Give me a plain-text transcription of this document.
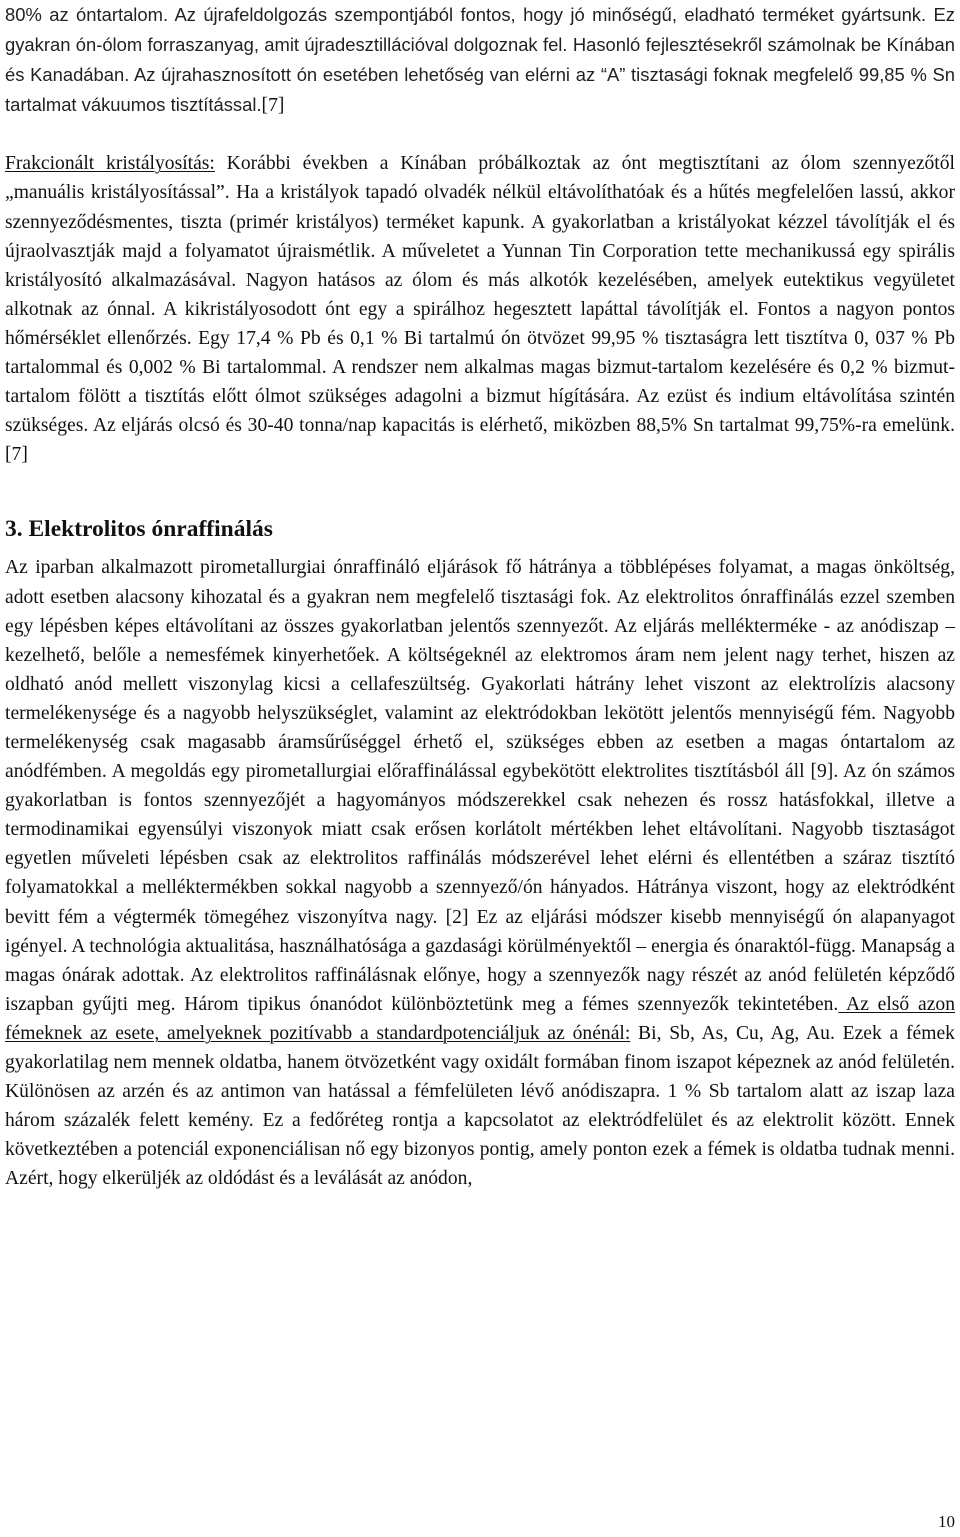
80% az óntartalom. Az újrafeldolgozás szempontjából fontos, hogy jó minőségű, eladható terméket gyártsunk. Ez gyakran ón-ólom forraszanyag, amit újradesztillációval dolgoznak fel. Hasonló fejlesztésekről számolnak be Kínában és Kanadában. Az újrahasznosított ón esetében lehetőség van elérni az “A” tisztasági foknak megfelelő 99,85 % Sn tartalmat vákuumos tisztítással.[7]

Frakcionált kristályosítás: Korábbi években a Kínában próbálkoztak az ónt megtisztítani az ólom szennyezőtől „manuális kristályosítással”. Ha a kristályok tapadó olvadék nélkül eltávolíthatóak és a hűtés megfelelően lassú, akkor szennyeződésmentes, tiszta (primér kristályos) terméket kapunk. A gyakorlatban a kristályokat kézzel távolítják el és újraolvasztják majd a folyamatot újraismétlik. A műveletet a Yunnan Tin Corporation tette mechanikussá egy spirális kristályosító alkalmazásával. Nagyon hatásos az ólom és más alkotók kezelésében, amelyek eutektikus vegyületet alkotnak az ónnal. A kikristályosodott ónt egy a spirálhoz hegesztett lapáttal távolítják el. Fontos a nagyon pontos hőmérséklet ellenőrzés. Egy 17,4 % Pb és 0,1 % Bi tartalmú ón ötvözet 99,95 % tisztaságra lett tisztítva 0, 037 % Pb tartalommal és 0,002 % Bi tartalommal. A rendszer nem alkalmas magas bizmut-tartalom kezelésére és 0,2 % bizmut-tartalom fölött a tisztítás előtt ólmot szükséges adagolni a bizmut hígítására. Az ezüst és indium eltávolítása szintén szükséges. Az eljárás olcsó és 30-40 tonna/nap kapacitás is elérhető, miközben 88,5% Sn tartalmat 99,75%-ra emelünk.[7]

3. Elektrolitos ónraffinálás

Az iparban alkalmazott pirometallurgiai ónraffináló eljárások fő hátránya a többlépéses folyamat, a magas önköltség, adott esetben alacsony kihozatal és a gyakran nem megfelelő tisztasági fok. Az elektrolitos ónraffinálás ezzel szemben egy lépésben képes eltávolítani az összes gyakorlatban jelentős szennyezőt. Az eljárás mellékterméke - az anódiszap – kezelhető, belőle a nemesfémek kinyerhetőek. A költségeknél az elektromos áram nem jelent nagy terhet, hiszen az oldható anód mellett viszonylag kicsi a cellafeszültség. Gyakorlati hátrány lehet viszont az elektrolízis alacsony termelékenysége és a nagyobb helyszükséglet, valamint az elektródokban lekötött jelentős mennyiségű fém. Nagyobb termelékenység csak magasabb áramsűrűséggel érhető el, szükséges ebben az esetben a magas óntartalom az anódfémben. A megoldás egy pirometallurgiai előraffinálással egybekötött elektrolites tisztításból áll [9]. Az ón számos gyakorlatban is fontos szennyezőjét a hagyományos módszerekkel csak nehezen és rossz hatásfokkal, illetve a termodinamikai egyensúlyi viszonyok miatt csak erősen korlátolt mértékben lehet eltávolítani. Nagyobb tisztaságot egyetlen műveleti lépésben csak az elektrolitos raffinálás módszerével lehet elérni és ellentétben a száraz tisztító folyamatokkal a melléktermékben sokkal nagyobb a szennyező/ón hányados. Hátránya viszont, hogy az elektródként bevitt fém a végtermék tömegéhez viszonyítva nagy. [2] Ez az eljárási módszer kisebb mennyiségű ón alapanyagot igényel. A technológia aktualitása, használhatósága a gazdasági körülményektől – energia és ónaraktól-függ. Manapság a magas ónárak adottak. Az elektrolitos raffinálásnak előnye, hogy a szennyezők nagy részét az anód felületén képződő iszapban gyűjti meg. Három tipikus ónanódot különböztetünk meg a fémes szennyezők tekintetében. Az első azon fémeknek az esete, amelyeknek pozitívabb a standardpotenciáljuk az ónénál: Bi, Sb, As, Cu, Ag, Au. Ezek a fémek gyakorlatilag nem mennek oldatba, hanem ötvözetként vagy oxidált formában finom iszapot képeznek az anód felületén. Különösen az arzén és az antimon van hatással a fémfelületen lévő anódiszapra. 1 % Sb tartalom alatt az iszap laza három százalék felett kemény. Ez a fedőréteg rontja a kapcsolatot az elektródfelület és az elektrolit között. Ennek következtében a potenciál exponenciálisan nő egy bizonyos pontig, amely ponton ezek a fémek is oldatba tudnak menni. Azért, hogy elkerüljék az oldódást és a leválását az anódon,

10
